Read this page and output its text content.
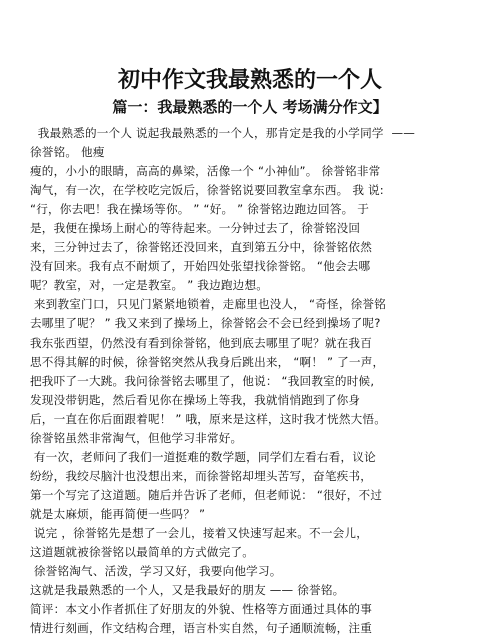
初中作文我最熟悉的一个人
篇一：我最熟悉的一个人 考场满分作文】
我最熟悉的一个人 说起我最熟悉的一个人，那肯定是我的小学同学  ——
徐誉铭。 他瘦
瘦的，小小的眼睛，高高的鼻梁，活像一个 “小神仙”。 徐誉铭非常
淘气，有一次，在学校吃完饭后，徐誉铭说要回教室拿东西。 我 说:
“行，你去吧！我在操场等你。 ” “好。 ” 徐誉铭边跑边回答。 于
是，我便在操场上耐心的等待起来。一分钟过去了，徐誉铭没回
来，三分钟过去了，徐誉铭还没回来，直到第五分中，徐誉铭依然
没有回来。我有点不耐烦了，开始四处张望找徐誉铭。 “他会去哪
呢？教室，对，一定是教室。 ” 我边跑边想。
来到教室门口，只见门紧紧地锁着，走廊里也没人， “奇怪，徐誉铭
去哪里了呢？ ” 我又来到了操场上，徐誉铭会不会已经到操场了呢?
我东张西望，仍然没有看到徐誉铭，他到底去哪里了呢？就在我百
思不得其解的时候，徐誉铭突然从我身后跳出来， “啊！ ” 了一声，
把我吓了一大跳。我问徐誉铭去哪里了，他说： “我回教室的时候,
发现没带钥匙，然后看见你在操场上等我，我就悄悄跑到了你身
后，一直在你后面跟着呢！ ” 哦，原来是这样，这时我才恍然大悟。
徐誉铭虽然非常淘气，但他学习非常好。
有一次，老师问了我们一道挺难的数学题，同学们左看右看，议论
纷纷，我绞尽脑汁也没想出来，而徐誉铭却埋头苦写，奋笔疾书，
第一个写完了这道题。随后并告诉了老师，但老师说： “很好，不过
就是太麻烦，能再简便一些吗？ ”
说完 ，徐誉铭先是想了一会儿，接着又快速写起来。不一会儿，
这道题就被徐誉铭以最简单的方式做完了。
徐誉铭淘气、活泼，学习又好，我要向他学习。
这就是我最熟悉的一个人，又是我最好的朋友 —— 徐誉铭。
简评：本文小作者抓住了好朋友的外貌、性格等方面通过具体的事
情进行刻画，作文结构合理，语言朴实自然，句子通顺流畅，注重
